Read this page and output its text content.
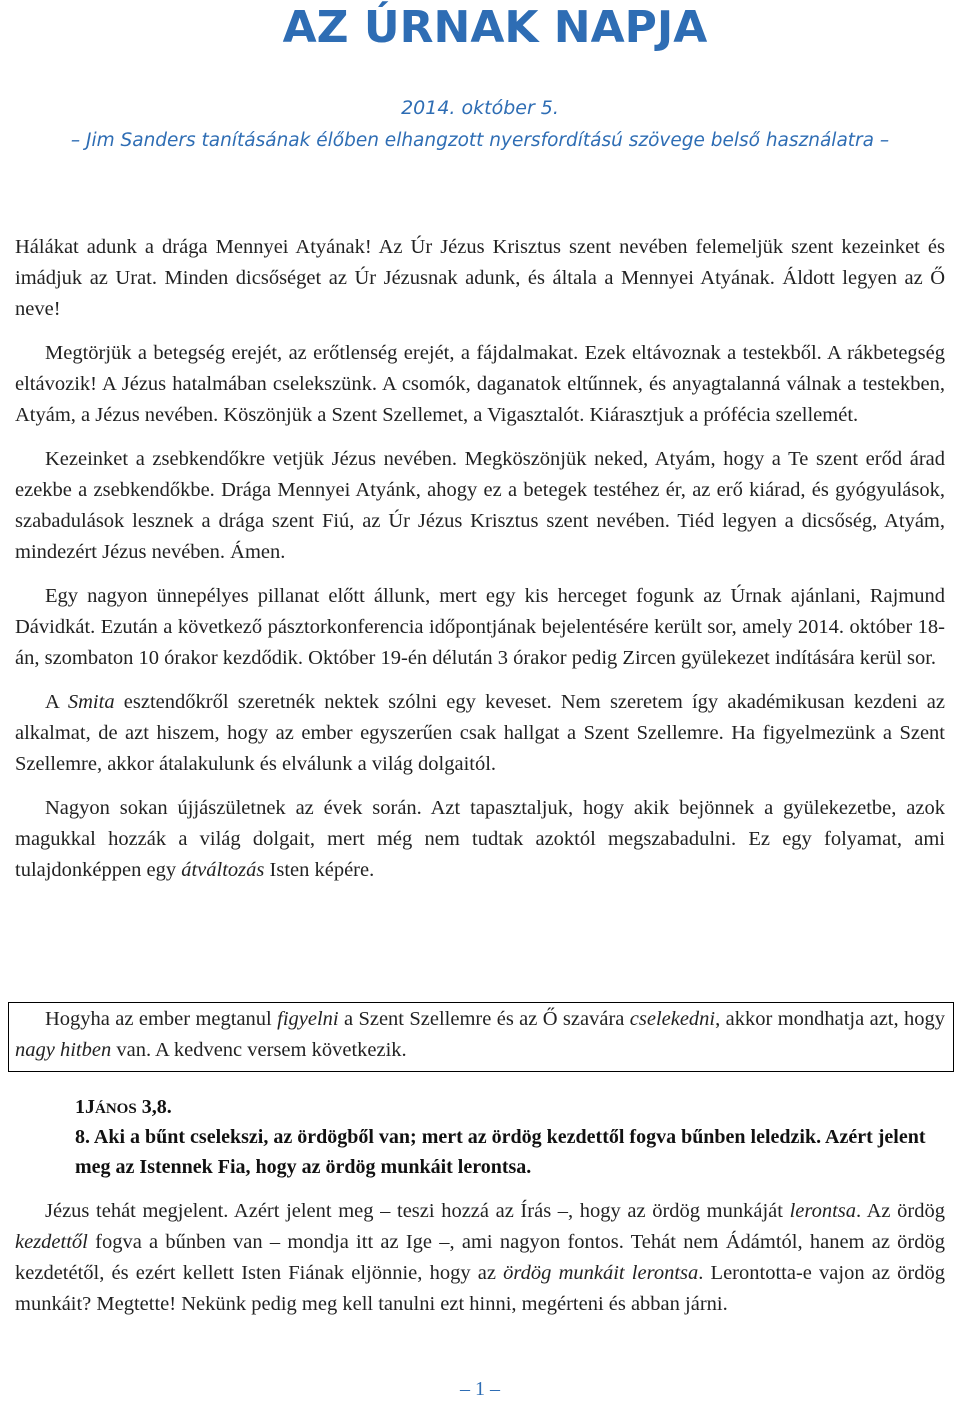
AZ ÚRNAK NAPJA
2014. október 5.
– Jim Sanders tanításának élőben elhangzott nyersfordítású szövege belső használatra –

Hálákat adunk a drága Mennyei Atyának! Az Úr Jézus Krisztus szent nevében felemeljük szent kezeinket és imádjuk az Urat. Minden dicsőséget az Úr Jézusnak adunk, és általa a Mennyei Atyának. Áldott legyen az Ő neve!

Megtörjük a betegség erejét, az erőtlenség erejét, a fájdalmakat. Ezek eltávoznak a testekből. A rákbetegség eltávozik! A Jézus hatalmában cselekszünk. A csomók, daganatok eltűnnek, és anyagtalanná válnak a testekben, Atyám, a Jézus nevében. Köszönjük a Szent Szellemet, a Vigasztalót. Kiárasztjuk a prófécia szellemét.

Kezeinket a zsebkendőkre vetjük Jézus nevében. Megköszönjük neked, Atyám, hogy a Te szent erőd árad ezekbe a zsebkendőkbe. Drága Mennyei Atyánk, ahogy ez a betegek testéhez ér, az erő kiárad, és gyógyulások, szabadulások lesznek a drága szent Fiú, az Úr Jézus Krisztus szent nevében. Tiéd legyen a dicsőség, Atyám, mindezért Jézus nevében. Ámen.

Egy nagyon ünnepélyes pillanat előtt állunk, mert egy kis herceget fogunk az Úrnak ajánlani, Rajmund Dávidkát. Ezután a következő pásztorkonferencia időpontjának bejelentésére került sor, amely 2014. október 18-án, szombaton 10 órakor kezdődik. Október 19-én délután 3 órakor pedig Zircen gyülekezet indítására kerül sor.

A Smita esztendőkről szeretnék nektek szólni egy keveset. Nem szeretem így akadémikusan kezdeni az alkalmat, de azt hiszem, hogy az ember egyszerűen csak hallgat a Szent Szellemre. Ha figyelmezünk a Szent Szellemre, akkor átalakulunk és elválunk a világ dolgaitól.

Nagyon sokan újjászületnek az évek során. Azt tapasztaljuk, hogy akik bejönnek a gyülekezetbe, azok magukkal hozzák a világ dolgait, mert még nem tudtak azoktól megszabadulni. Ez egy folyamat, ami tulajdonképpen egy átváltozás Isten képére.

Hogyha az ember megtanul figyelni a Szent Szellemre és az Ő szavára cselekedni, akkor mondhatja azt, hogy nagy hitben van. A kedvenc versem következik.

1JÁNOS 3,8.
8. Aki a bűnt cselekszi, az ördögből van; mert az ördög kezdettől fogva bűnben leledzik. Azért jelent meg az Istennek Fia, hogy az ördög munkáit lerontsa.

Jézus tehát megjelent. Azért jelent meg – teszi hozzá az Írás –, hogy az ördög munkáját lerontsa. Az ördög kezdettől fogva a bűnben van – mondja itt az Ige –, ami nagyon fontos. Tehát nem Ádámtól, hanem az ördög kezdetétől, és ezért kellett Isten Fiának eljönnie, hogy az ördög munkáit lerontsa. Lerontotta-e vajon az ördög munkáit? Megtette! Nekünk pedig meg kell tanulni ezt hinni, megérteni és abban járni.

– 1 –
